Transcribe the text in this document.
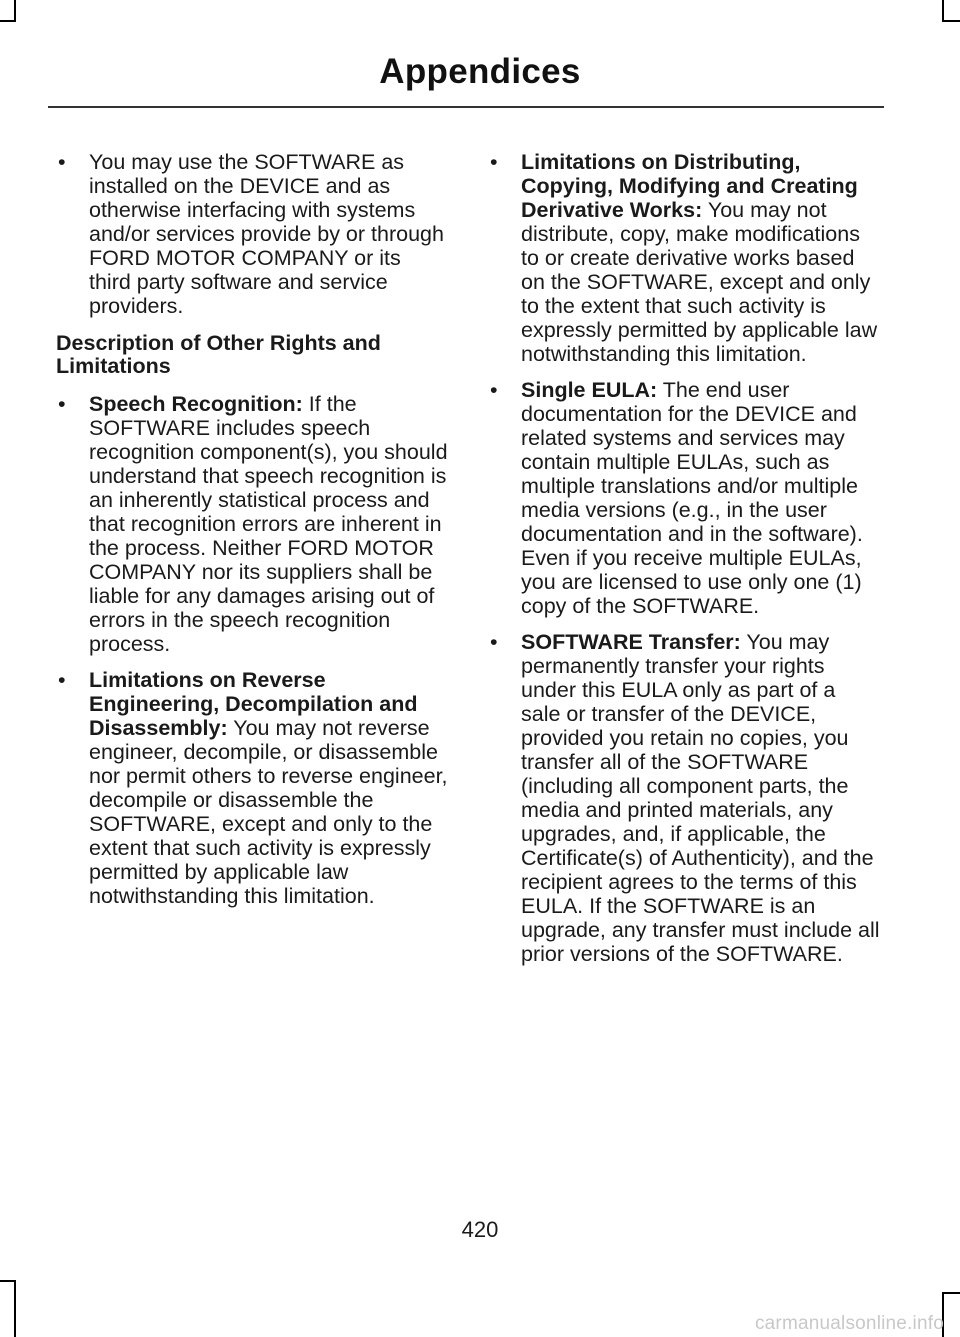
Appendices
•	You may use the SOFTWARE as installed on the DEVICE and as otherwise interfacing with systems and/or services provide by or through FORD MOTOR COMPANY or its third party software and service providers.
Description of Other Rights and Limitations
•	Speech Recognition: If the SOFTWARE includes speech recognition component(s), you should understand that speech recognition is an inherently statistical process and that recognition errors are inherent in the process. Neither FORD MOTOR COMPANY nor its suppliers shall be liable for any damages arising out of errors in the speech recognition process.
•	Limitations on Reverse Engineering, Decompilation and Disassembly: You may not reverse engineer, decompile, or disassemble nor permit others to reverse engineer, decompile or disassemble the SOFTWARE, except and only to the extent that such activity is expressly permitted by applicable law notwithstanding this limitation.
•	Limitations on Distributing, Copying, Modifying and Creating Derivative Works: You may not distribute, copy, make modifications to or create derivative works based on the SOFTWARE, except and only to the extent that such activity is expressly permitted by applicable law notwithstanding this limitation.
•	Single EULA: The end user documentation for the DEVICE and related systems and services may contain multiple EULAs, such as multiple translations and/or multiple media versions (e.g., in the user documentation and in the software). Even if you receive multiple EULAs, you are licensed to use only one (1) copy of the SOFTWARE.
•	SOFTWARE Transfer: You may permanently transfer your rights under this EULA only as part of a sale or transfer of the DEVICE, provided you retain no copies, you transfer all of the SOFTWARE (including all component parts, the media and printed materials, any upgrades, and, if applicable, the Certificate(s) of Authenticity), and the recipient agrees to the terms of this EULA. If the SOFTWARE is an upgrade, any transfer must include all prior versions of the SOFTWARE.
420
carmanualsonline.info
